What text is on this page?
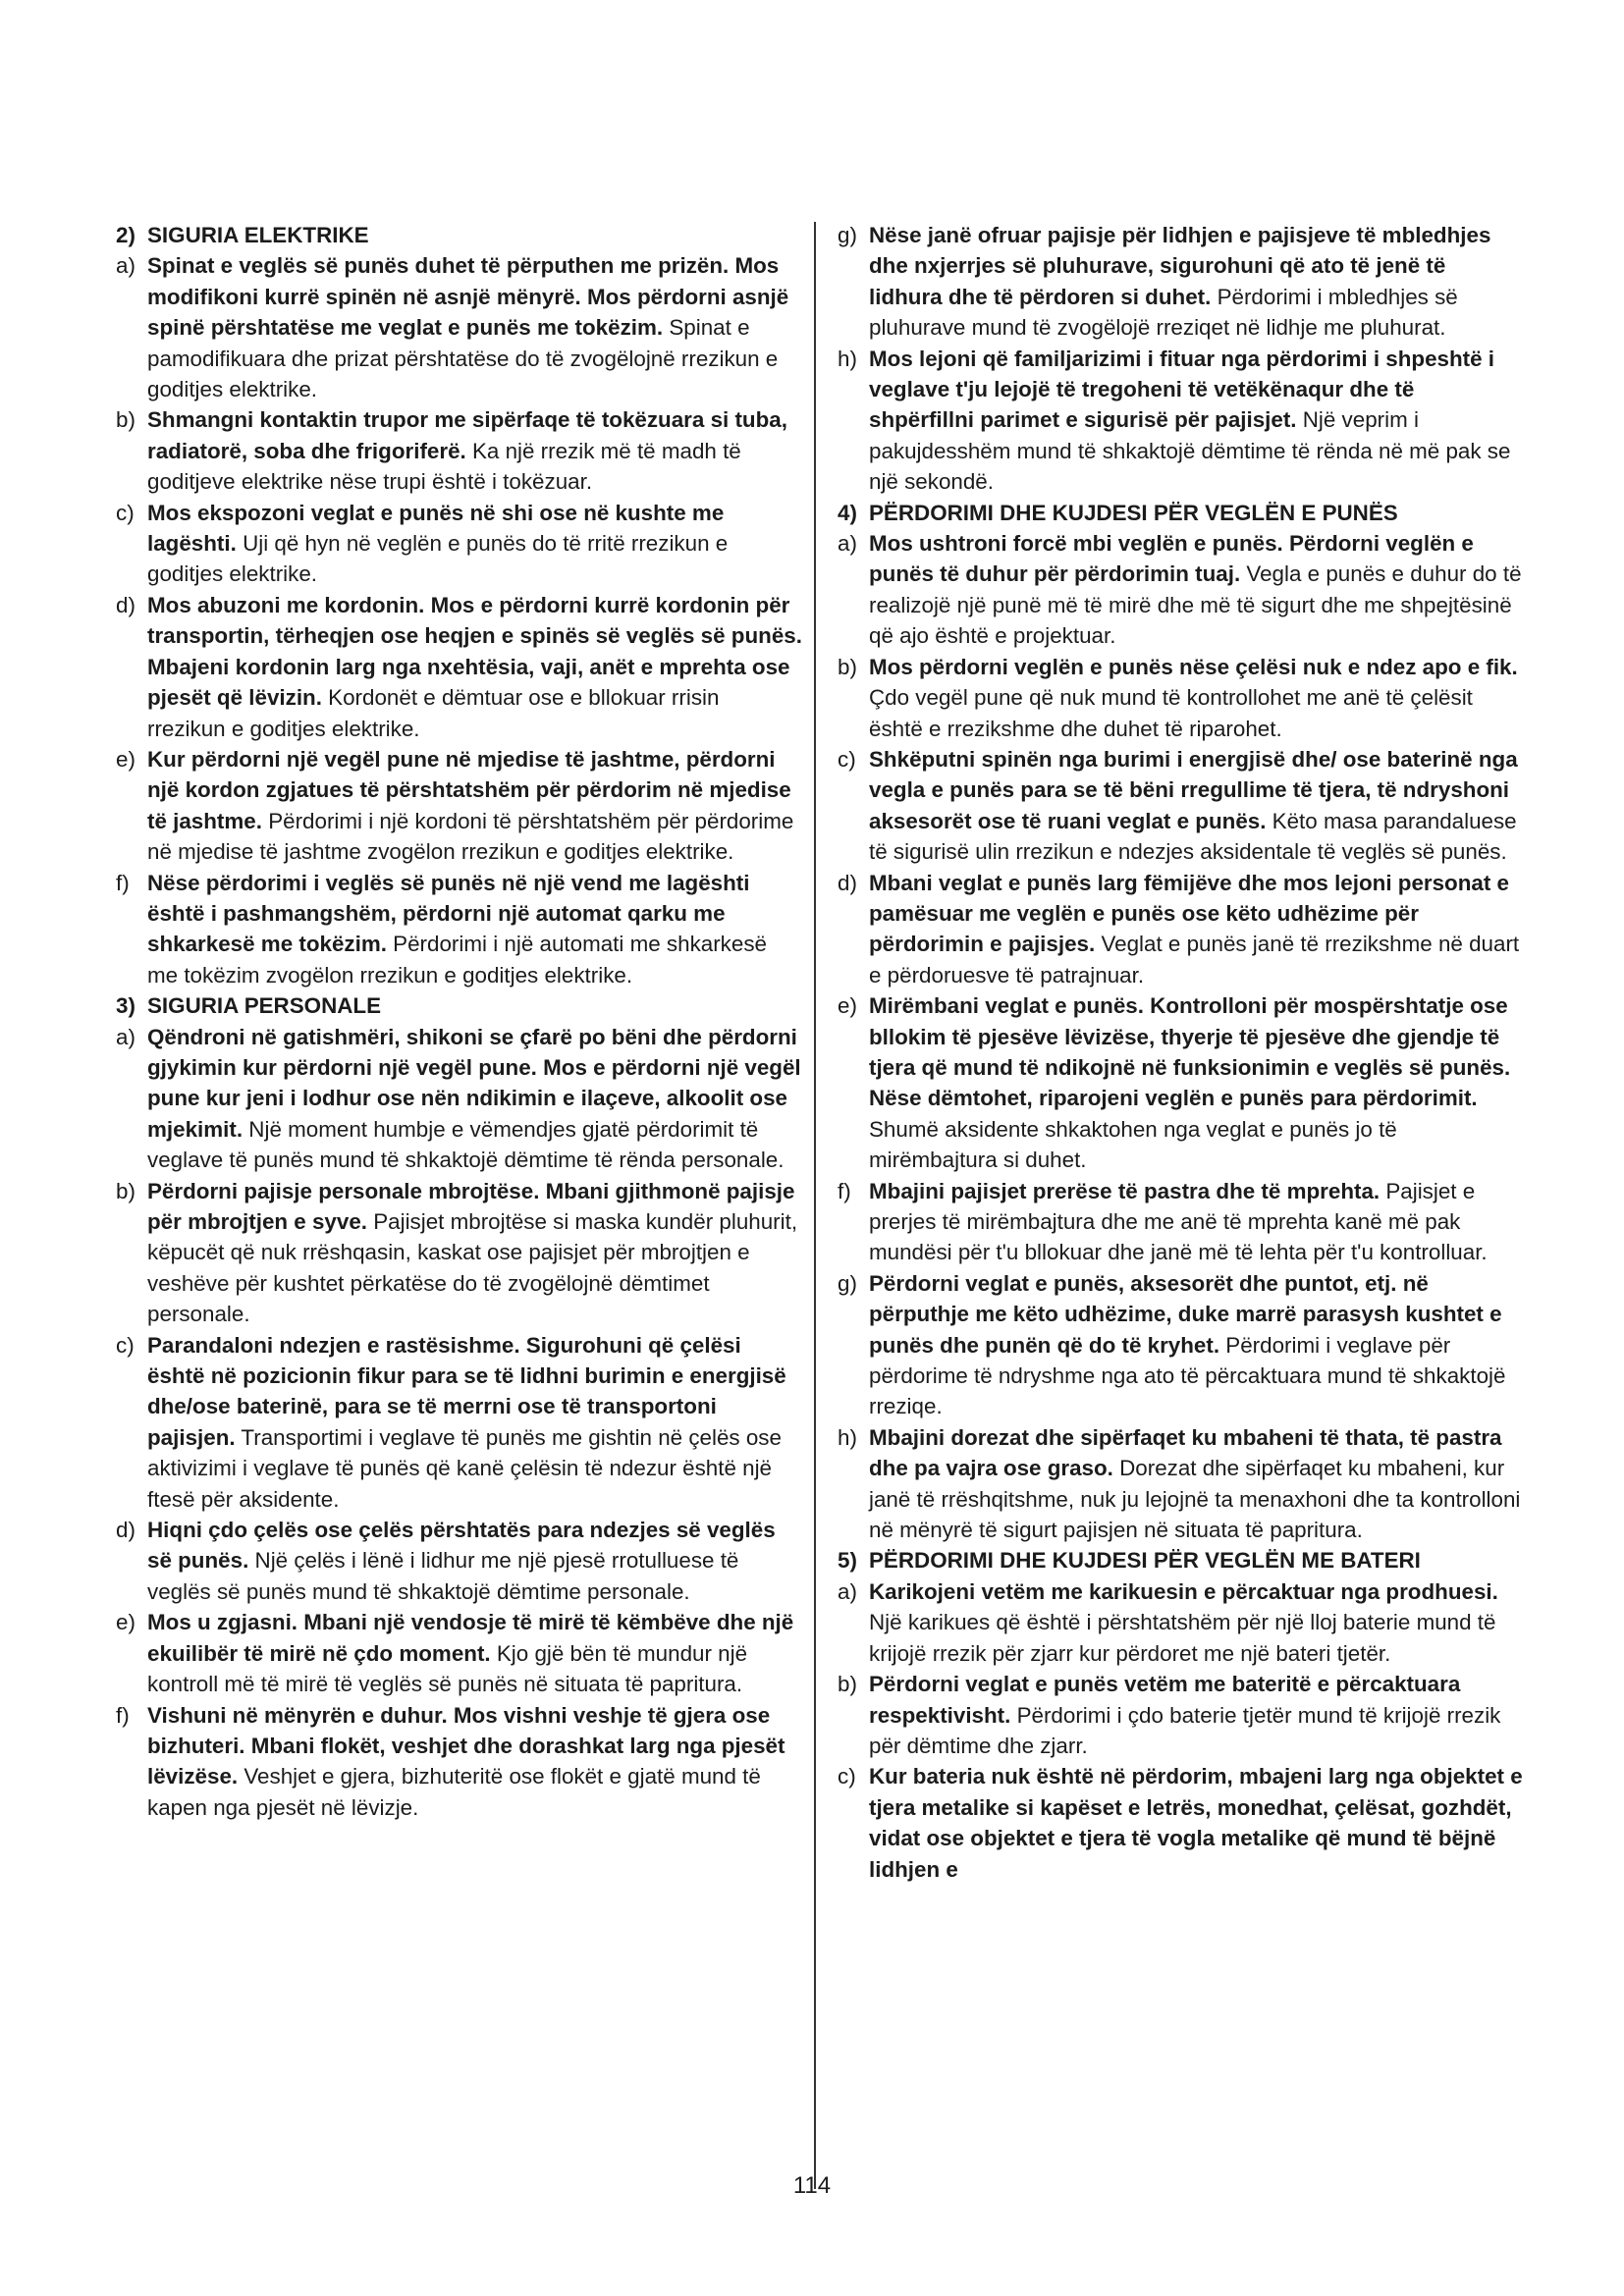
2) SIGURIA ELEKTRIKE
a) Spinat e veglës së punës duhet të përputhen me prizën. Mos modifikoni kurrë spinën në asnjë mënyrë. Mos përdorni asnjë spinë përshtatëse me veglat e punës me tokëzim. Spinat e pamodifikuara dhe prizat përshtatëse do të zvogëlojnë rrezikun e goditjes elektrike.
b) Shmangni kontaktin trupor me sipërfaqe të tokëzuara si tuba, radiatorë, soba dhe frigoriferë. Ka një rrezik më të madh të goditjeve elektrike nëse trupi është i tokëzuar.
c) Mos ekspozoni veglat e punës në shi ose në kushte me lagështi. Uji që hyn në veglën e punës do të rritë rrezikun e goditjes elektrike.
d) Mos abuzoni me kordonin. Mos e përdorni kurrë kordonin për transportin, tërheqjen ose heqjen e spinës së veglës së punës. Mbajeni kordonin larg nga nxehtësia, vaji, anët e mprehta ose pjesët që lëvizin. Kordonët e dëmtuar ose e bllokuar rrisin rrezikun e goditjes elektrike.
e) Kur përdorni një vegël pune në mjedise të jashtme, përdorni një kordon zgjatues të përshtatshëm për përdorim në mjedise të jashtme. Përdorimi i një kordoni të përshtatshëm për përdorime në mjedise të jashtme zvogëlon rrezikun e goditjes elektrike.
f) Nëse përdorimi i veglës së punës në një vend me lagështi është i pashmangshëm, përdorni një automat qarku me shkarkesë me tokëzim. Përdorimi i një automati me shkarkesë me tokëzim zvogëlon rrezikun e goditjes elektrike.
3) SIGURIA PERSONALE
a) Qëndroni në gatishmëri, shikoni se çfarë po bëni dhe përdorni gjykimin kur përdorni një vegël pune. Mos e përdorni një vegël pune kur jeni i lodhur ose nën ndikimin e ilaçeve, alkoolit ose mjekimit. Një moment humbje e vëmendjes gjatë përdorimit të veglave të punës mund të shkaktojë dëmtime të rënda personale.
b) Përdorni pajisje personale mbrojtëse. Mbani gjithmonë pajisje për mbrojtjen e syve. Pajisjet mbrojtëse si maska kundër pluhurit, këpucët që nuk rrëshqasin, kaskat ose pajisjet për mbrojtjen e veshëve për kushtet përkatëse do të zvogëlojnë dëmtimet personale.
c) Parandaloni ndezjen e rastësishme. Sigurohuni që çelësi është në pozicionin fikur para se të lidhni burimin e energjisë dhe/ose baterinë, para se të merrni ose të transportoni pajisjen. Transportimi i veglave të punës me gishtin në çelës ose aktivizimi i veglave të punës që kanë çelësin të ndezur është një ftesë për aksidente.
d) Hiqni çdo çelës ose çelës përshtatës para ndezjes së veglës së punës. Një çelës i lënë i lidhur me një pjesë rrotulluese të veglës së punës mund të shkaktojë dëmtime personale.
e) Mos u zgjasni. Mbani një vendosje të mirë të këmbëve dhe një ekuilibër të mirë në çdo moment. Kjo gjë bën të mundur një kontroll më të mirë të veglës së punës në situata të papritura.
f) Vishuni në mënyrën e duhur. Mos vishni veshje të gjera ose bizhuteri. Mbani flokët, veshjet dhe dorashkat larg nga pjesët lëvizëse. Veshjet e gjera, bizhuteritë ose flokët e gjatë mund të kapen nga pjesët në lëvizje.
g) Nëse janë ofruar pajisje për lidhjen e pajisjeve të mbledhjes dhe nxjerrjes së pluhurave, sigurohuni që ato të jenë të lidhura dhe të përdoren si duhet. Përdorimi i mbledhjes së pluhurave mund të zvogëlojë rreziqet në lidhje me pluhurat.
h) Mos lejoni që familjarizimi i fituar nga përdorimi i shpeshtë i veglave t'ju lejojë të tregoheni të vetëkënaqur dhe të shpërfillni parimet e sigurisë për pajisjet. Një veprim i pakujdesshëm mund të shkaktojë dëmtime të rënda në më pak se një sekondë.
4) PËRDORIMI DHE KUJDESI PËR VEGLËN E PUNËS
a) Mos ushtroni forcë mbi veglën e punës. Përdorni veglën e punës të duhur për përdorimin tuaj. Vegla e punës e duhur do të realizojë një punë më të mirë dhe më të sigurt dhe me shpejtësinë që ajo është e projektuar.
b) Mos përdorni veglën e punës nëse çelësi nuk e ndez apo e fik. Çdo vegël pune që nuk mund të kontrollohet me anë të çelësit është e rrezikshme dhe duhet të riparohet.
c) Shkëputni spinën nga burimi i energjisë dhe/ ose baterinë nga vegla e punës para se të bëni rregullime të tjera, të ndryshoni aksesorët ose të ruani veglat e punës. Këto masa parandaluese të sigurisë ulin rrezikun e ndezjes aksidentale të veglës së punës.
d) Mbani veglat e punës larg fëmijëve dhe mos lejoni personat e pamësuar me veglën e punës ose këto udhëzime për përdorimin e pajisjes. Veglat e punës janë të rrezikshme në duart e përdoruesve të patrajnuar.
e) Mirëmbani veglat e punës. Kontrolloni për mospërshtatje ose bllokim të pjesëve lëvizëse, thyerje të pjesëve dhe gjendje të tjera që mund të ndikojnë në funksionimin e veglës së punës. Nëse dëmtohet, riparojeni veglën e punës para përdorimit. Shumë aksidente shkaktohen nga veglat e punës jo të mirëmbajtura si duhet.
f) Mbajini pajisjet prerëse të pastra dhe të mprehta. Pajisjet e prerjes të mirëmbajtura dhe me anë të mprehta kanë më pak mundësi për t'u bllokuar dhe janë më të lehta për t'u kontrolluar.
g) Përdorni veglat e punës, aksesorët dhe puntot, etj. në përputhje me këto udhëzime, duke marrë parasysh kushtet e punës dhe punën që do të kryhet. Përdorimi i veglave për përdorime të ndryshme nga ato të përcaktuara mund të shkaktojë rreziqe.
h) Mbajini dorezat dhe sipërfaqet ku mbaheni të thata, të pastra dhe pa vajra ose graso. Dorezat dhe sipërfaqet ku mbaheni, kur janë të rrëshqitshme, nuk ju lejojnë ta menaxhoni dhe ta kontrolloni në mënyrë të sigurt pajisjen në situata të papritura.
5) PËRDORIMI DHE KUJDESI PËR VEGLËN ME BATERI
a) Karikojeni vetëm me karikuesin e përcaktuar nga prodhuesi. Një karikues që është i përshtatshëm për një lloj baterie mund të krijojë rrezik për zjarr kur përdoret me një bateri tjetër.
b) Përdorni veglat e punës vetëm me bateritë e përcaktuara respektivisht. Përdorimi i çdo baterie tjetër mund të krijojë rrezik për dëmtime dhe zjarr.
c) Kur bateria nuk është në përdorim, mbajeni larg nga objektet e tjera metalike si kapëset e letrës, monedhat, çelësat, gozhdët, vidat ose objektet e tjera të vogla metalike që mund të bëjnë lidhjen e
114
